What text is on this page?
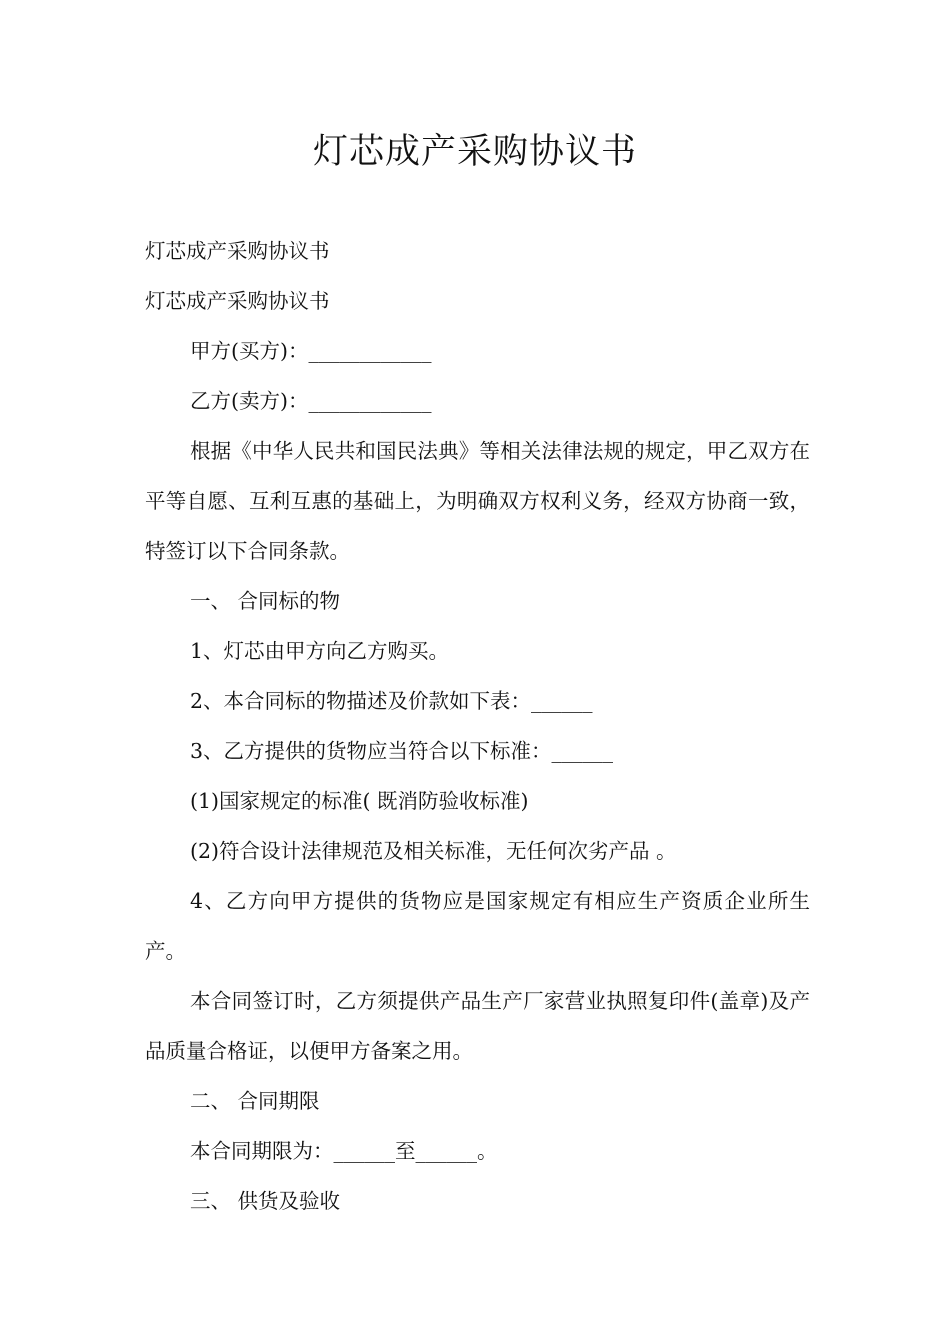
灯芯成产采购协议书

灯芯成产采购协议书

灯芯成产采购协议书

甲方(买方)：____________

乙方(卖方)：____________

根据《中华人民共和国民法典》等相关法律法规的规定，甲乙双方在平等自愿、互利互惠的基础上，为明确双方权利义务，经双方协商一致，特签订以下合同条款。

一、 合同标的物

1、灯芯由甲方向乙方购买。

2、本合同标的物描述及价款如下表：______

3、乙方提供的货物应当符合以下标准：______

(1)国家规定的标准( 既消防验收标准)

(2)符合设计法律规范及相关标准，无任何次劣产品 。

4、乙方向甲方提供的货物应是国家规定有相应生产资质企业所生产。

本合同签订时，乙方须提供产品生产厂家营业执照复印件(盖章)及产品质量合格证，以便甲方备案之用。

二、 合同期限

本合同期限为：______至______。

三、 供货及验收
